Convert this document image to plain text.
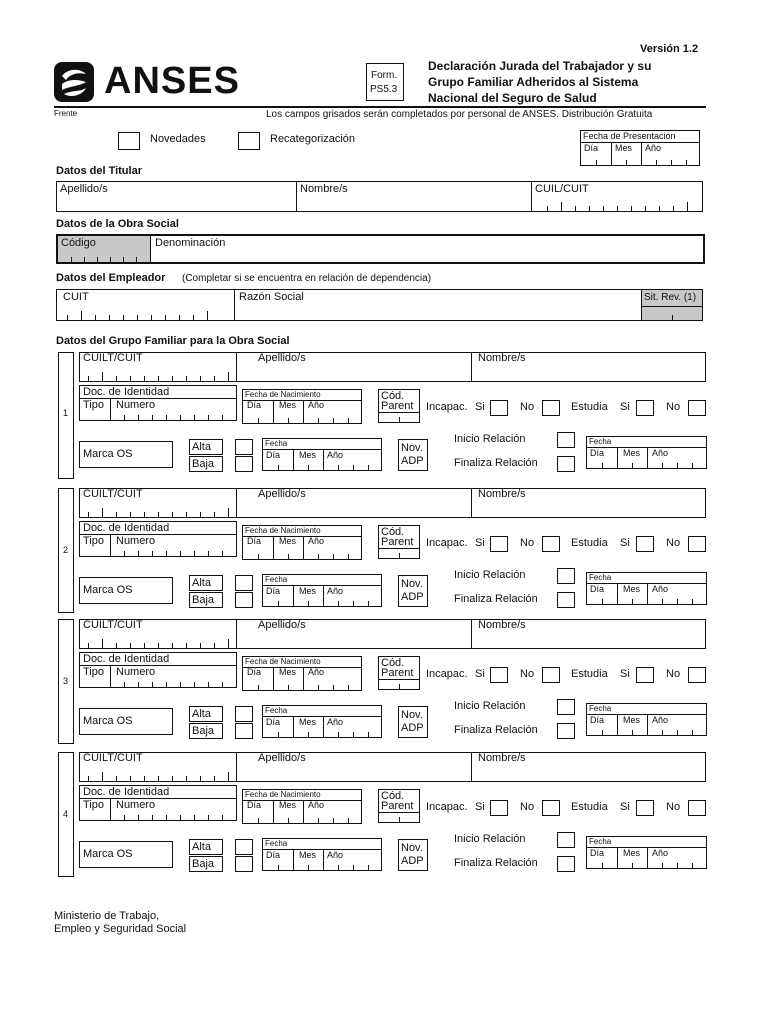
Versión 1.2
ANSES	Form.
PS5.3
Declaración Jurada del Trabajador y su
Grupo Familiar Adheridos al Sistema
Nacional del Seguro de Salud
Frente	Los campos grisados serán completados por personal de ANSES. Distribución Gratuita
Novedades	Recategorización	Fecha de Presentación
Día Mes Año
Datos del Titular
Apellido/s	Nombre/s	CUIL/CUIT
Datos de la Obra Social
Código	Denominación
Datos del Empleador (Completar si se encuentra en relación de dependencia)
CUIT	Razón Social	Sit. Rev. (1)
Datos del Grupo Familiar para la Obra Social
1
CUILT/CUIT	Apellido/s	Nombre/s
Doc. de Identidad
Tipo Numero
Fecha de Nacimiento
Día Mes Año
Cód.
Parent Incapac. Si	No	Estudia Si	No
Marca OS
Alta
Baja
Fecha
Día Mes Año
Nov.
ADP
Inicio Relación
Finaliza Relación
Fecha
Día Mes Año
2
CUILT/CUIT	Apellido/s	Nombre/s
Doc. de Identidad
Tipo Numero
Fecha de Nacimiento
Día Mes Año
Cód.
Parent Incapac. Si	No	Estudia Si	No
Marca OS
Alta
Baja
Fecha
Día Mes Año
Nov.
ADP
Inicio Relación
Finaliza Relación
Fecha
Día Mes Año
3
CUILT/CUIT	Apellido/s	Nombre/s
Doc. de Identidad
Tipo Numero
Fecha de Nacimiento
Día Mes Año
Cód.
Parent Incapac. Si	No	Estudia Si	No
Marca OS
Alta
Baja
Fecha
Día Mes Año
Nov.
ADP
Inicio Relación
Finaliza Relación
Fecha
Día Mes Año
4
CUILT/CUIT	Apellido/s	Nombre/s
Doc. de Identidad
Tipo Numero
Fecha de Nacimiento
Día Mes Año
Cód.
Parent Incapac. Si	No	Estudia Si	No
Marca OS
Alta
Baja
Fecha
Día Mes Año
Nov.
ADP
Inicio Relación
Finaliza Relación
Fecha
Día Mes Año
Ministerio de Trabajo,
Empleo y Seguridad Social
